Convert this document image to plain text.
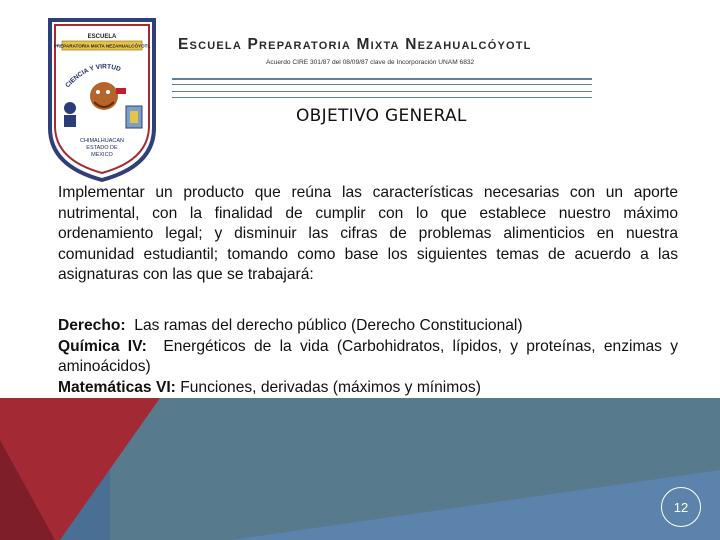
ESCUELA
PREPARATORIA MIXTA NEZAHUALCÓYOTL
CIENCIA Y VIRTUD
CHIMALHUACAN
ESTADO DE
MEXICO
Escuela Preparatoria Mixta Nezahualcóyotl
Acuerdo CIRE 301/87 del 08/09/87 clave de Incorporación UNAM 6832
OBJETIVO GENERAL
Implementar un producto que reúna las características necesarias con un aporte nutrimental, con la finalidad de cumplir con lo que establece nuestro máximo ordenamiento legal; y disminuir las cifras de problemas alimenticios en nuestra comunidad estudiantil; tomando como base los siguientes temas de acuerdo a las asignaturas con las que se trabajará:

Derecho: Las ramas del derecho público (Derecho Constitucional)

Química IV: Energéticos de la vida (Carbohidratos, lípidos, y proteínas, enzimas y aminoácidos)

Matemáticas VI: Funciones, derivadas (máximos y mínimos)

12
